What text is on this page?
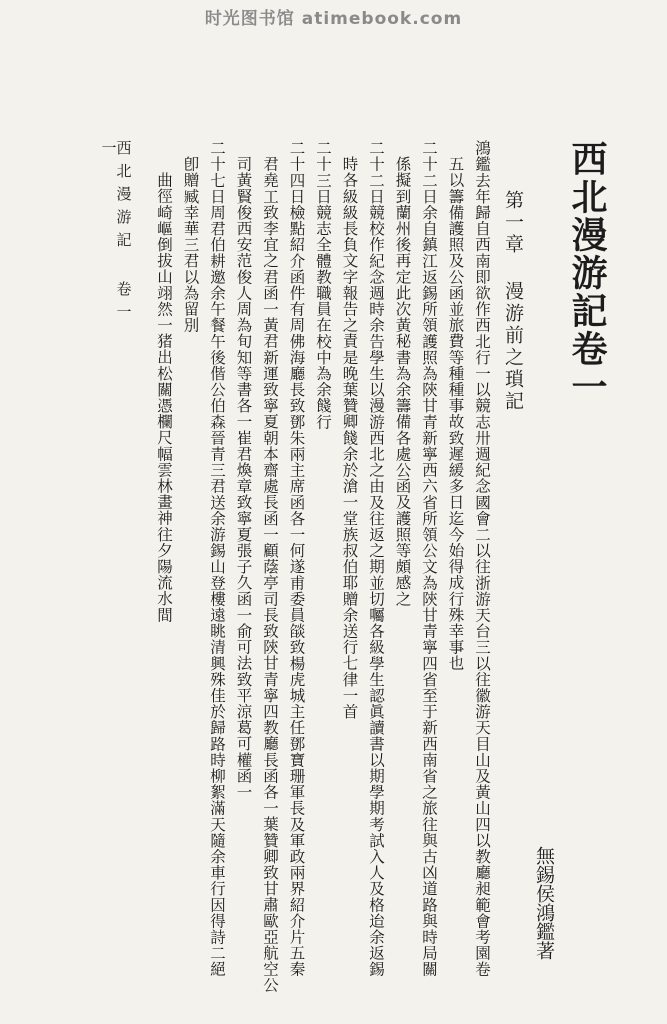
时光图书馆 atimebook.com
西北漫游記卷一
無錫侯鴻鑑著
第一章 漫游前之瑣記
鴻鑑去年歸自西南即欲作西北行一以競志卅週紀念國會二以往浙游天台三以往徽游天目山及黃山四以教廳昶範會考園卷
五以籌備護照及公函並旅費等種種事故致遲緩多日迄今始得成行殊幸事也
二十二日余自鎮江返錫所領護照為陝甘青新寧西六省所領公文為陝甘青寧四省至于新西南省之旅往與古凶道路與時局關
係擬到蘭州後再定此次黃秘書為余籌備各處公函及護照等頗感之
二十二日競校作紀念週時余告學生以漫游西北之由及往返之期並切囑各級學生認眞讀書以期學期考試入人及格迨余返錫
時各級級長負文字報告之責是晚葉贊卿餞余於滄一堂族叔伯耶贈余送行七律一首
二十三日競志全體教職員在校中為余餞行
二十四日檢點紹介函件有周佛海廳長致鄧朱兩主席函各一何遂甫委員燄致楊虎城主任鄧寶珊軍長及軍政兩界紹介片五秦
君堯工致李宜之君函一黃君新運致寧夏朝本齋處長函一顧蔭亭司長致陝甘青寧四教廳長函各一葉贊卿致甘肅歐亞航空公
司黃賢俊西安范俊人周為旬知等書各一崔君煥章致寧夏張子久函一俞可法致平涼葛可權函一
二十七日周君伯耕邀余午餐午後偕公伯森晉青三君送余游錫山登樓遠眺清興殊佳於歸路時柳絮滿天隨余車行因得詩二絕
卽贈臧幸華三君以為留別
曲徑崎嶇倒拔山翊然一猪出松關憑欄尺幅雲林畫神往夕陽流水間
西北漫游記 卷一
一
